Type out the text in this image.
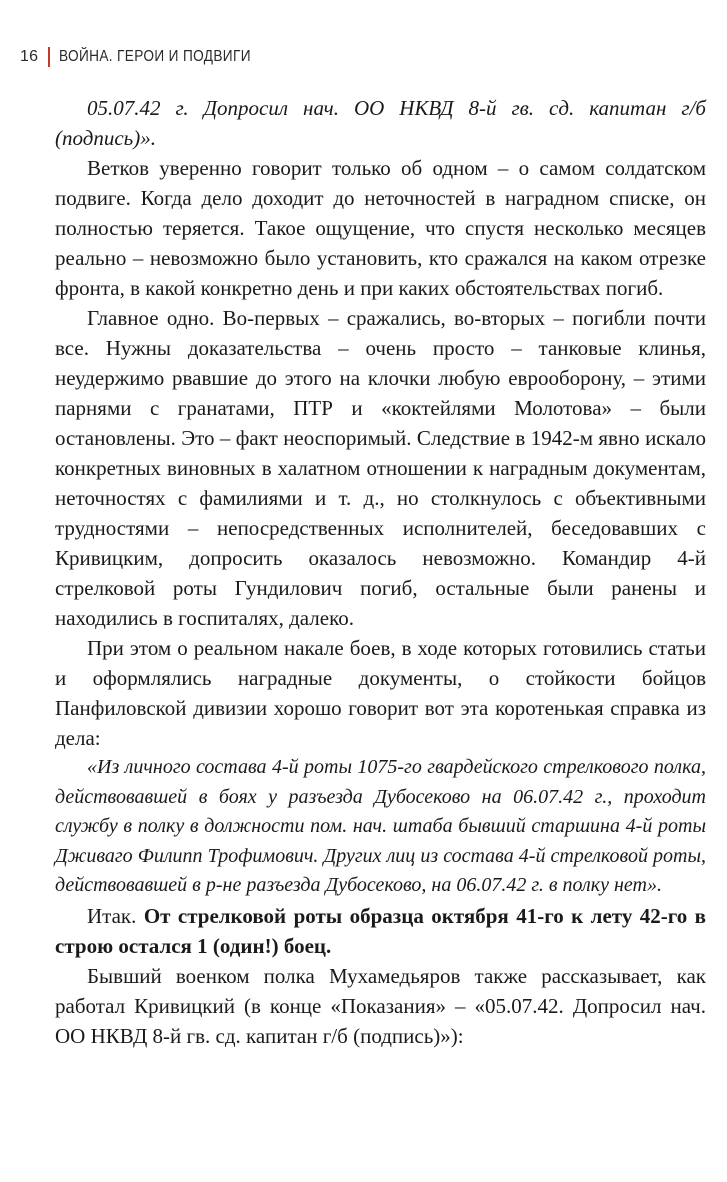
16 ВОЙНА. ГЕРОИ И ПОДВИГИ

05.07.42 г. Допросил нач. ОО НКВД 8-й гв. сд. капитан г/б (подпись)».

Ветков уверенно говорит только об одном – о самом солдатском подвиге. Когда дело доходит до неточностей в наградном списке, он полностью теряется. Такое ощущение, что спустя несколько месяцев реально – невозможно было установить, кто сражался на каком отрезке фронта, в какой конкретно день и при каких обстоятельствах погиб.

Главное одно. Во-первых – сражались, во-вторых – погибли почти все. Нужны доказательства – очень просто – танковые клинья, неудержимо рвавшие до этого на клочки любую еврооборону, – этими парнями с гранатами, ПТР и «коктейлями Молотова» – были остановлены. Это – факт неоспоримый. Следствие в 1942-м явно искало конкретных виновных в халатном отношении к наградным документам, неточностях с фамилиями и т. д., но столкнулось с объективными трудностями – непосредственных исполнителей, беседовавших с Кривицким, допросить оказалось невозможно. Командир 4-й стрелковой роты Гундилович погиб, остальные были ранены и находились в госпиталях, далеко.

При этом о реальном накале боев, в ходе которых готовились статьи и оформлялись наградные документы, о стойкости бойцов Панфиловской дивизии хорошо говорит вот эта коротенькая справка из дела:

«Из личного состава 4-й роты 1075-го гвардейского стрелкового полка, действовавшей в боях у разъезда Дубосеково на 06.07.42 г., проходит службу в полку в должности пом. нач. штаба бывший старшина 4-й роты Дживаго Филипп Трофимович. Других лиц из состава 4-й стрелковой роты, действовавшей в р-не разъезда Дубосеково, на 06.07.42 г. в полку нет».

Итак. От стрелковой роты образца октября 41-го к лету 42-го в строю остался 1 (один!) боец.

Бывший военком полка Мухамедьяров также рассказывает, как работал Кривицкий (в конце «Показания» – «05.07.42. Допросил нач. ОО НКВД 8-й гв. сд. капитан г/б (подпись)»):
